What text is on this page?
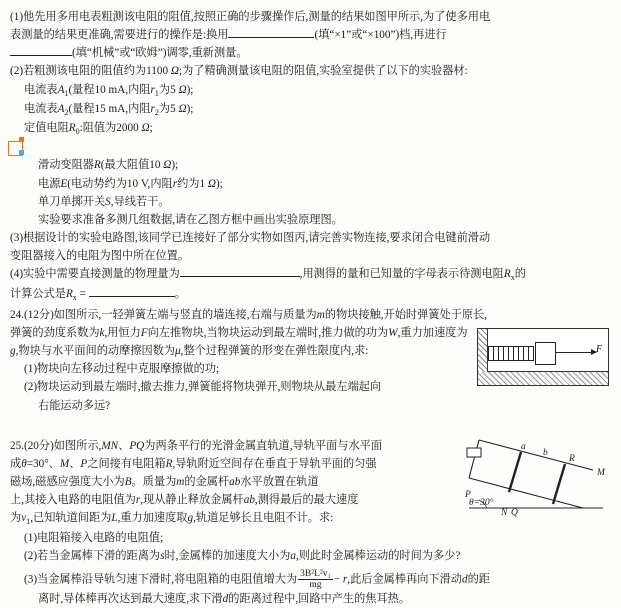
(1)他先用多用电表粗测该电阻的阻值,按照正确的步骤操作后,测量的结果如图甲所示,为了使多用电
表测量的结果更准确,需要进行的操作是:换用	(填“×1”或“×100”)档,再进行
(填“机械”或“欧姆”)调零,重新测量。
(2)若粗测该电阻的阻值约为1100 Ω;为了精确测量该电阻的阻值,实验室提供了以下的实验器材:
电流表$A_1$(量程10 mA,内阻$r_1$为5 Ω);
电流表$A_2$(量程15 mA,内阻$r_2$为5 Ω);
定值电阻$R_0$:阻值为2000 Ω;
滑动变阻器R(最大阻值10 Ω);
电源E(电动势约为10 V,内阻r约为1 Ω);
单刀单掷开关S,导线若干。
实验要求准备多测几组数据,请在乙图方框中画出实验原理图。
(3)根据设计的实验电路图,该同学已连接好了部分实物如图丙,请完善实物连接,要求闭合电键前滑动
变阻器接入的电阻为图中所在位置。
(4)实验中需要直接测量的物理量为	,用测得的量和已知量的字母表示待测电阻$R_x$的
计算公式是$R_x$ =	。
24.(12分)如图所示,一轻弹簧左端与竖直的墙连接,右端与质量为m的物块接触,开始时弹簧处于原长,
弹簧的劲度系数为k,用恒力F向左推物块,当物块运动到最左端时,推力做的功为W,重力加速度为
g,物块与水平面间的动摩擦因数为μ,整个过程弹簧的形变在弹性限度内,求:
(1)物块向左移动过程中克服摩擦做的功;
(2)物块运动到最左端时,撤去推力,弹簧能将物块弹开,则物块从最左端起向
右能运动多远?
F
25.(20分)如图所示,MN、PQ为两条平行的光滑金属直轨道,导轨平面与水平面
成θ=30°、M、P之间接有电阻箱R,导轨附近空间存在垂直于导轨平面的匀强
磁场,磁感应强度大小为B。质量为m的金属杆ab水平放置在轨道
上,其接入电路的电阻值为r,现从静止释放金属杆ab,测得最后的最大速度
为$v_1$,已知轨道间距为L,重力加速度取g,轨道足够长且电阻不计。求:
(1)电阻箱接入电路的电阻值;
(2)若当金属棒下滑的距离为s时,金属棒的加速度大小为a,则此时金属棒运动的时间为多少?
(3)当金属棒沿导轨匀速下滑时,将电阻箱的电阻值增大为 $\frac{\text{3B²L²v₁}}{mg} - r$,此后金属棒再向下滑动d的距
离时,导体棒再次达到最大速度,求下滑d的距离过程中,回路中产生的焦耳热。
a
b
R
M
P
θ=30°
N Q
